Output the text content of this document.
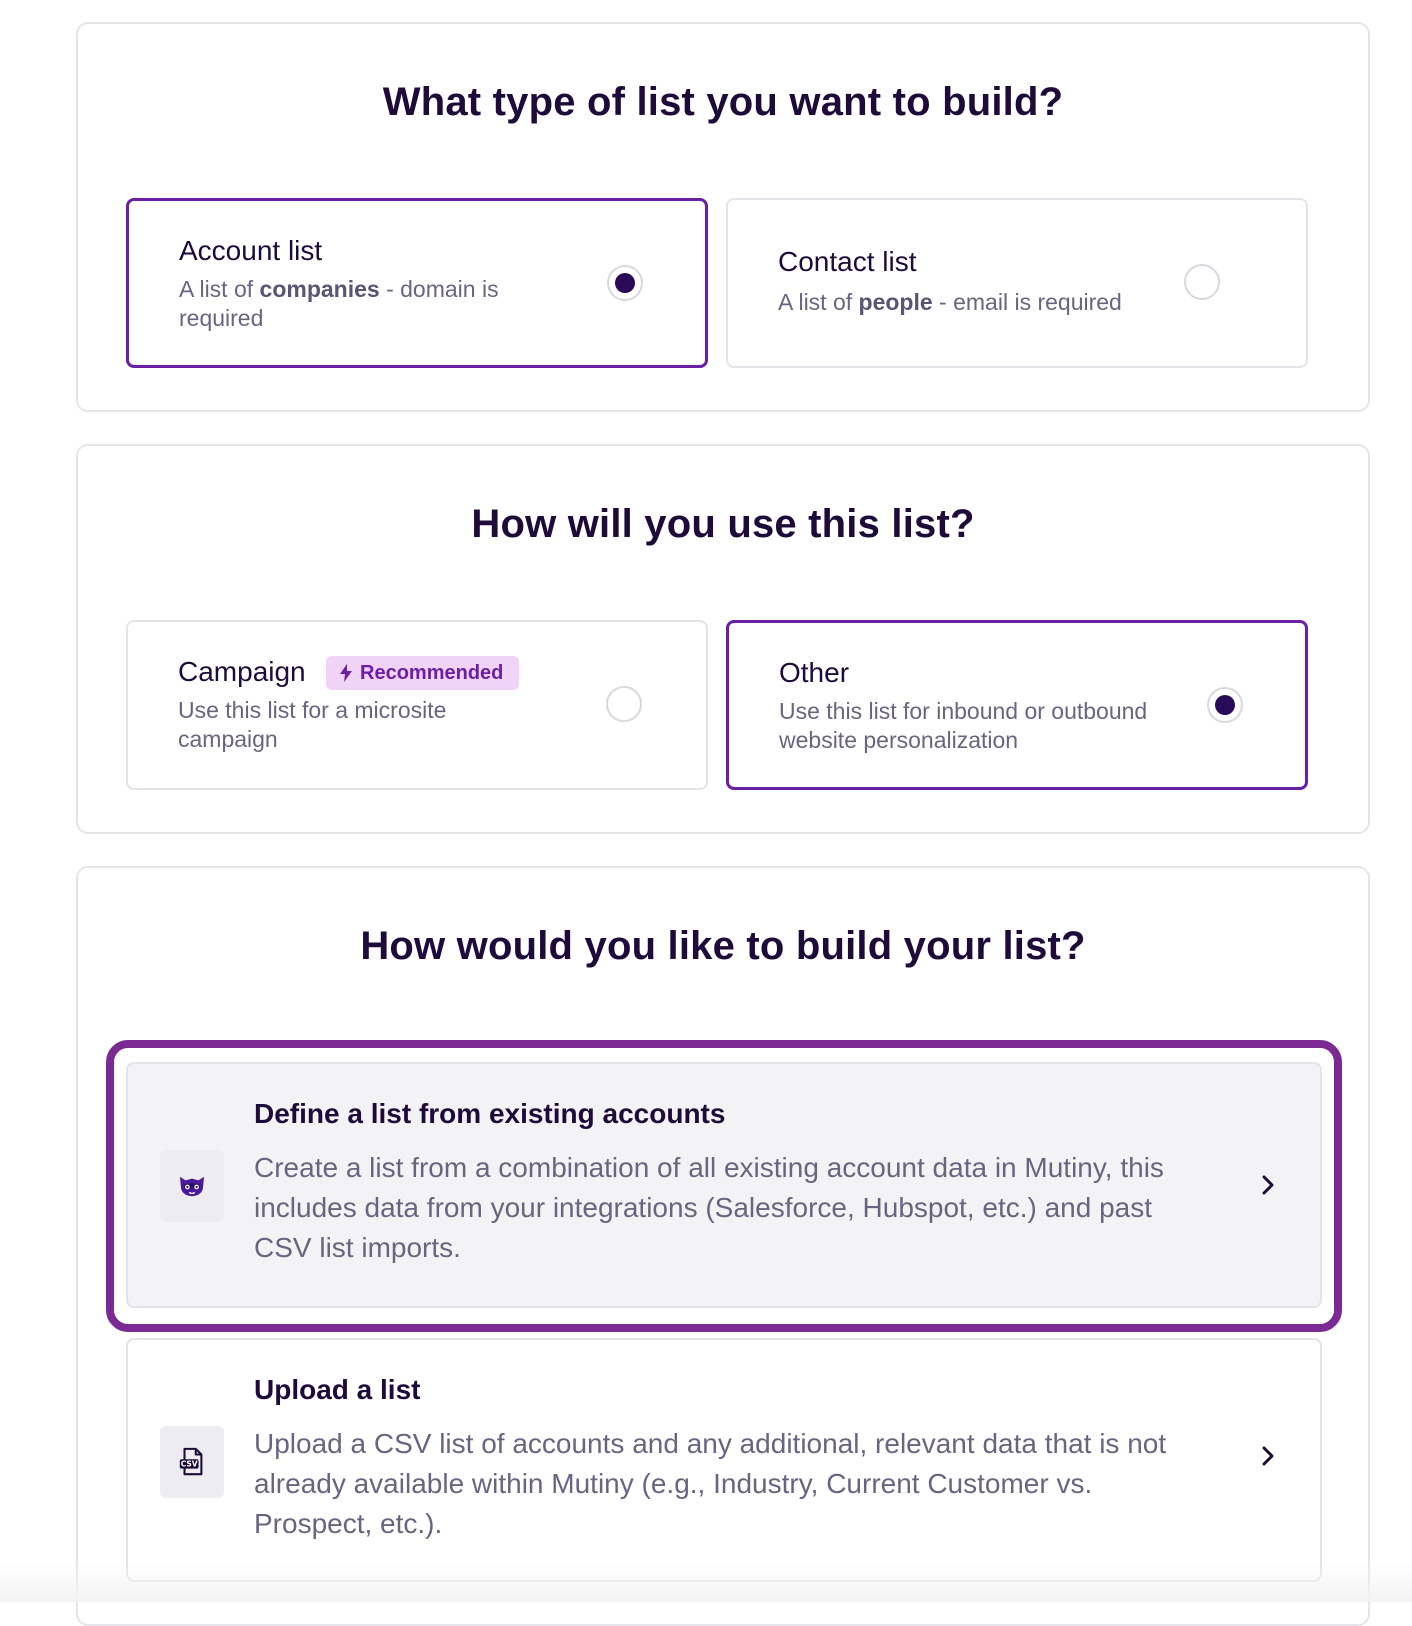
What type of list you want to build?
Account list
A list of companies - domain is required
Contact list
A list of people - email is required
How will you use this list?
Campaign	Recommended
Use this list for a microsite campaign
Other
Use this list for inbound or outbound website personalization
How would you like to build your list?
Define a list from existing accounts
Create a list from a combination of all existing account data in Mutiny, this includes data from your integrations (Salesforce, Hubspot, etc.) and past CSV list imports.
CSV
Upload a list
Upload a CSV list of accounts and any additional, relevant data that is not already available within Mutiny (e.g., Industry, Current Customer vs. Prospect, etc.).
